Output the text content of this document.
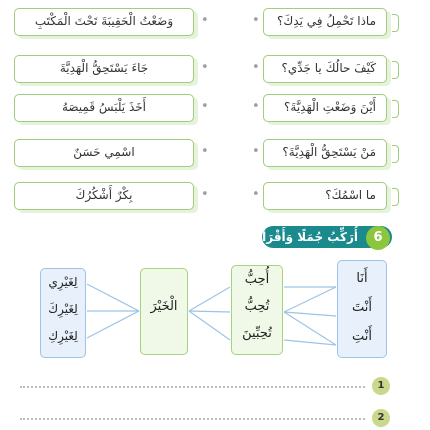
وَضَعْتُ الْحَقِيبَةَ تَحْتَ الْمَكْتَبِ
جَاءَ يَسْتَحِقُّ الْهَدِيَّةَ
أَخَذَ يَلْبَسُ قَمِيصَهُ
اسْمِي حَسَنٌ
بِكْرٌ أَشْكُرُكَ
•
•
•
•
•
ماذا تَحْمِلُ فِي يَدِكَ؟
كَيْفَ حالُكَ يا جَدِّي؟
أَيْنَ وَضَعْتِ الْهَدِيَّةَ؟
مَنْ يَسْتَحِقُّ الْهَدِيَّةَ؟
ما اسْمُكَ؟
•
•
•
•
•
أُرَكِّبُ جُمَلًا وَأَقْرَأُ	6
أَنَا
أَنْتَ
أَنْتِ
أُحِبُّ
تُحِبُّ
تُحِبِّينَ
الْخَيْرَ
لِغَيْرِي
لِغَيْرِكَ
لِغَيْرِكِ
1
2
